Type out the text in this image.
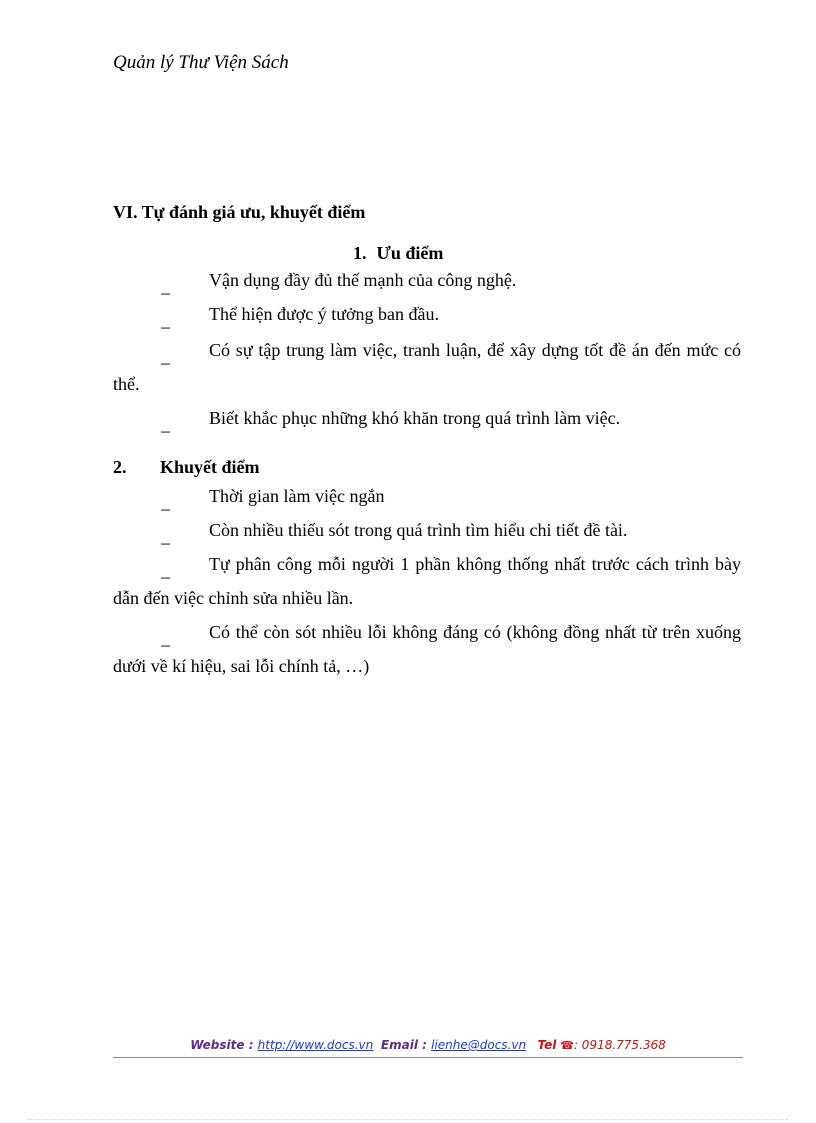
Quản lý Thư Viện Sách
VI. Tự đánh giá ưu, khuyết điểm
1. Ưu điểm
_	Vận dụng đầy đủ thế mạnh của công nghệ.
_	Thể hiện được ý tưởng ban đầu.
_	Có sự tập trung làm việc, tranh luận, để xây dựng tốt đề án đến mức có thể.
_	Biết khắc phục những khó khăn trong quá trình làm việc.
2. Khuyết điểm
_	Thời gian làm việc ngắn
_	Còn nhiều thiếu sót trong quá trình tìm hiểu chi tiết đề tài.
_	Tự phân công mỗi người 1 phần không thống nhất trước cách trình bày dẫn đến việc chỉnh sửa nhiều lần.
_	Có thể còn sót nhiều lỗi không đáng có (không đồng nhất từ trên xuống dưới về kí hiệu, sai lỗi chính tả, …)
Website : http://www.docs.vn Email : lienhe@docs.vn Tel ☎: 0918.775.368
